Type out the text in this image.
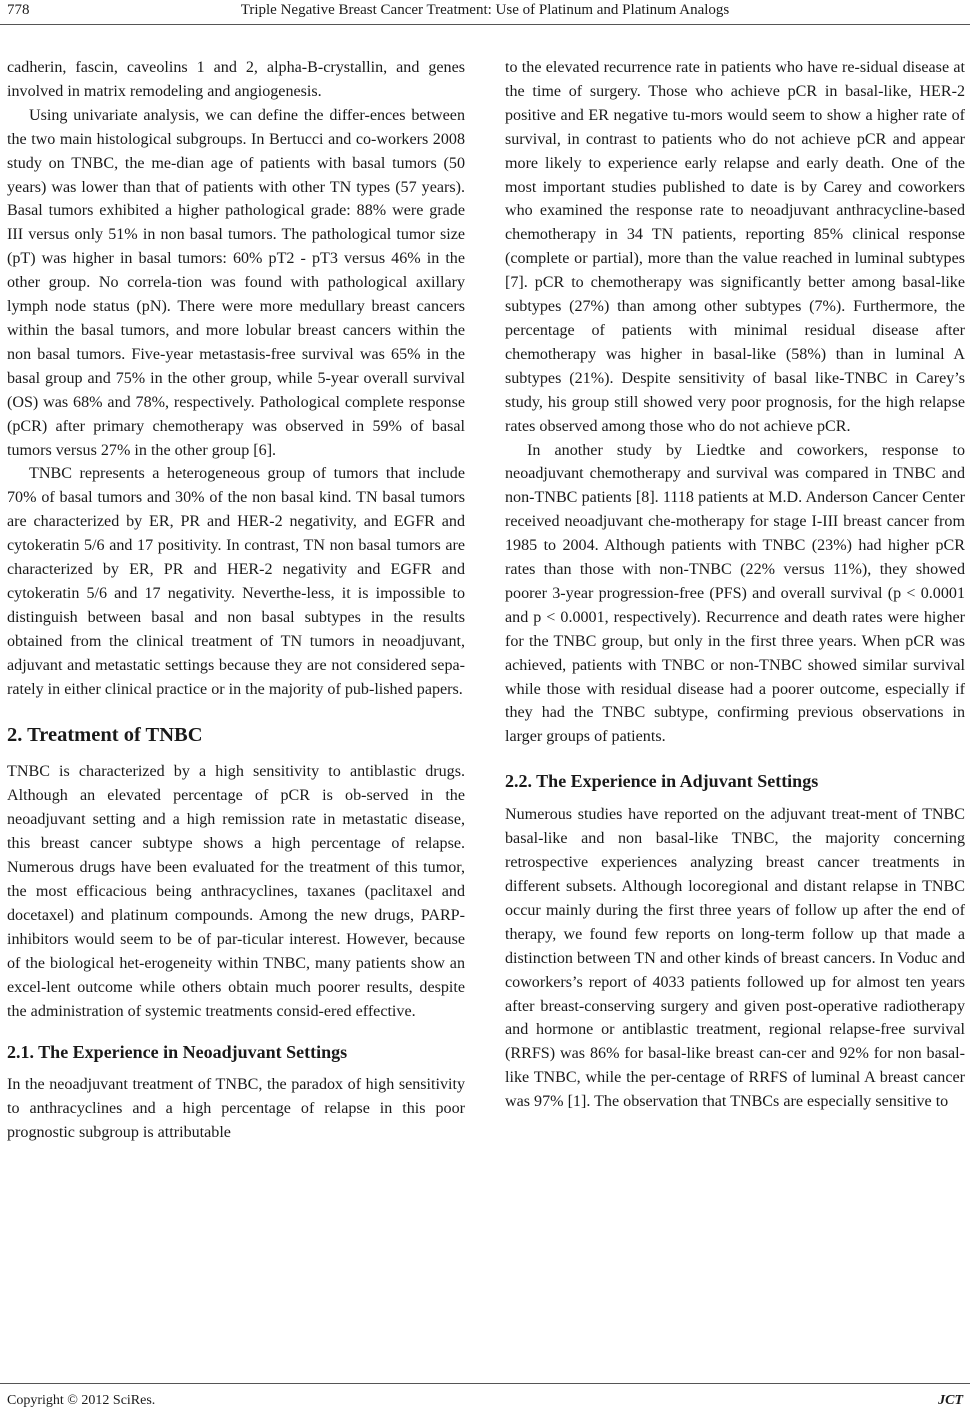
778	Triple Negative Breast Cancer Treatment: Use of Platinum and Platinum Analogs

cadherin, fascin, caveolins 1 and 2, alpha-B-crystallin, and genes involved in matrix remodeling and angiogenesis.

Using univariate analysis, we can define the differ-ences between the two main histological subgroups. In Bertucci and co-workers 2008 study on TNBC, the me-dian age of patients with basal tumors (50 years) was lower than that of patients with other TN types (57 years). Basal tumors exhibited a higher pathological grade: 88% were grade III versus only 51% in non basal tumors. The pathological tumor size (pT) was higher in basal tumors: 60% pT2 - pT3 versus 46% in the other group. No correla-tion was found with pathological axillary lymph node status (pN). There were more medullary breast cancers within the basal tumors, and more lobular breast cancers within the non basal tumors. Five-year metastasis-free survival was 65% in the basal group and 75% in the other group, while 5-year overall survival (OS) was 68% and 78%, respectively. Pathological complete response (pCR) after primary chemotherapy was observed in 59% of basal tumors versus 27% in the other group [6].

TNBC represents a heterogeneous group of tumors that include 70% of basal tumors and 30% of the non basal kind. TN basal tumors are characterized by ER, PR and HER-2 negativity, and EGFR and cytokeratin 5/6 and 17 positivity. In contrast, TN non basal tumors are characterized by ER, PR and HER-2 negativity and EGFR and cytokeratin 5/6 and 17 negativity. Neverthe-less, it is impossible to distinguish between basal and non basal subtypes in the results obtained from the clinical treatment of TN tumors in neoadjuvant, adjuvant and metastatic settings because they are not considered sepa-rately in either clinical practice or in the majority of pub-lished papers.

2. Treatment of TNBC

TNBC is characterized by a high sensitivity to antiblastic drugs. Although an elevated percentage of pCR is ob-served in the neoadjuvant setting and a high remission rate in metastatic disease, this breast cancer subtype shows a high percentage of relapse. Numerous drugs have been evaluated for the treatment of this tumor, the most efficacious being anthracyclines, taxanes (paclitaxel and docetaxel) and platinum compounds. Among the new drugs, PARP-inhibitors would seem to be of par-ticular interest. However, because of the biological het-erogeneity within TNBC, many patients show an excel-lent outcome while others obtain much poorer results, despite the administration of systemic treatments consid-ered effective.

2.1. The Experience in Neoadjuvant Settings

In the neoadjuvant treatment of TNBC, the paradox of high sensitivity to anthracyclines and a high percentage of relapse in this poor prognostic subgroup is attributable

to the elevated recurrence rate in patients who have re-sidual disease at the time of surgery. Those who achieve pCR in basal-like, HER-2 positive and ER negative tu-mors would seem to show a higher rate of survival, in contrast to patients who do not achieve pCR and appear more likely to experience early relapse and early death. One of the most important studies published to date is by Carey and coworkers who examined the response rate to neoadjuvant anthracycline-based chemotherapy in 34 TN patients, reporting 85% clinical response (complete or partial), more than the value reached in luminal subtypes [7]. pCR to chemotherapy was significantly better among basal-like subtypes (27%) than among other subtypes (7%). Furthermore, the percentage of patients with minimal residual disease after chemotherapy was higher in basal-like (58%) than in luminal A subtypes (21%). Despite sensitivity of basal like-TNBC in Carey’s study, his group still showed very poor prognosis, for the high relapse rates observed among those who do not achieve pCR.

In another study by Liedtke and coworkers, response to neoadjuvant chemotherapy and survival was compared in TNBC and non-TNBC patients [8]. 1118 patients at M.D. Anderson Cancer Center received neoadjuvant che-motherapy for stage I-III breast cancer from 1985 to 2004. Although patients with TNBC (23%) had higher pCR rates than those with non-TNBC (22% versus 11%), they showed poorer 3-year progression-free (PFS) and overall survival (p < 0.0001 and p < 0.0001, respectively). Recurrence and death rates were higher for the TNBC group, but only in the first three years. When pCR was achieved, patients with TNBC or non-TNBC showed similar survival while those with residual disease had a poorer outcome, especially if they had the TNBC subtype, confirming previous observations in larger groups of patients.

2.2. The Experience in Adjuvant Settings

Numerous studies have reported on the adjuvant treat-ment of TNBC basal-like and non basal-like TNBC, the majority concerning retrospective experiences analyzing breast cancer treatments in different subsets. Although locoregional and distant relapse in TNBC occur mainly during the first three years of follow up after the end of therapy, we found few reports on long-term follow up that made a distinction between TN and other kinds of breast cancers. In Voduc and coworkers’s report of 4033 patients followed up for almost ten years after breast-conserving surgery and given post-operative radiotherapy and hormone or antiblastic treatment, regional relapse-free survival (RRFS) was 86% for basal-like breast can-cer and 92% for non basal-like TNBC, while the per-centage of RRFS of luminal A breast cancer was 97% [1]. The observation that TNBCs are especially sensitive to

Copyright © 2012 SciRes.	JCT
